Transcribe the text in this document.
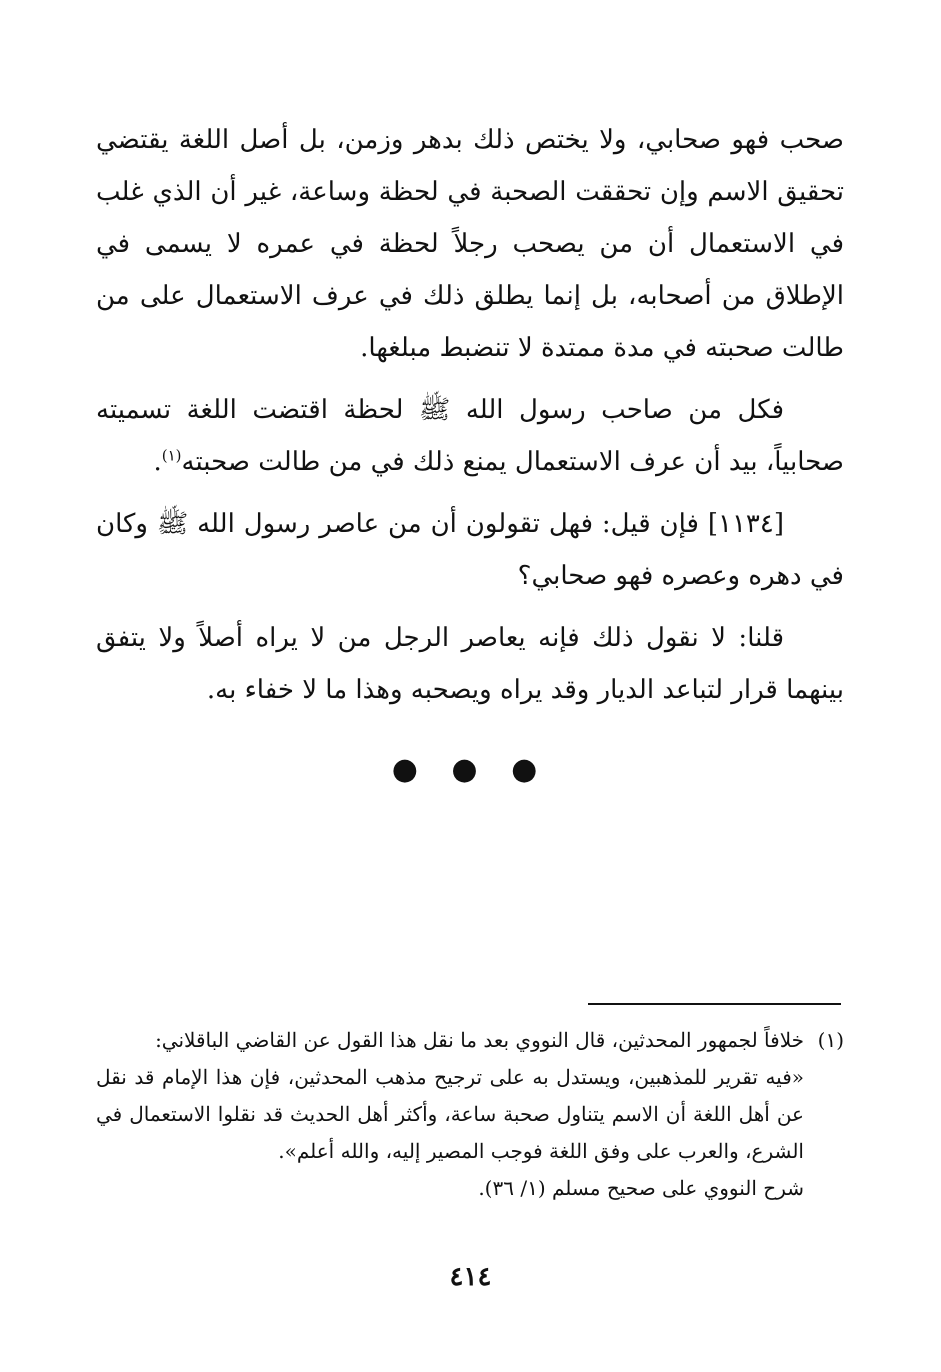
صحب فهو صحابي، ولا يختص ذلك بدهر وزمن، بل أصل اللغة يقتضي تحقيق الاسم وإن تحققت الصحبة في لحظة وساعة، غير أن الذي غلب في الاستعمال أن من يصحب رجلاً لحظة في عمره لا يسمى في الإطلاق من أصحابه، بل إنما يطلق ذلك في عرف الاستعمال على من طالت صحبته في مدة ممتدة لا تنضبط مبلغها.

فكل من صاحب رسول الله ﷺ لحظة اقتضت اللغة تسميته صحابياً، بيد أن عرف الاستعمال يمنع ذلك في من طالت صحبته$^{(١)}$.

[١١٣٤] فإن قيل: فهل تقولون أن من عاصر رسول الله ﷺ وكان في دهره وعصره فهو صحابي؟

قلنا: لا نقول ذلك فإنه يعاصر الرجل من لا يراه أصلاً ولا يتفق بينهما قرار لتباعد الديار وقد يراه ويصحبه وهذا ما لا خفاء به.

● ● ●

(١)خلافاً لجمهور المحدثين، قال النووي بعد ما نقل هذا القول عن القاضي الباقلاني:

«فيه تقرير للمذهبين، ويستدل به على ترجيح مذهب المحدثين، فإن هذا الإمام قد نقل عن أهل اللغة أن الاسم يتناول صحبة ساعة، وأكثر أهل الحديث قد نقلوا الاستعمال في الشرع، والعرب على وفق اللغة فوجب المصير إليه، والله أعلم».

شرح النووي على صحيح مسلم (١/ ٣٦).

٤١٤
